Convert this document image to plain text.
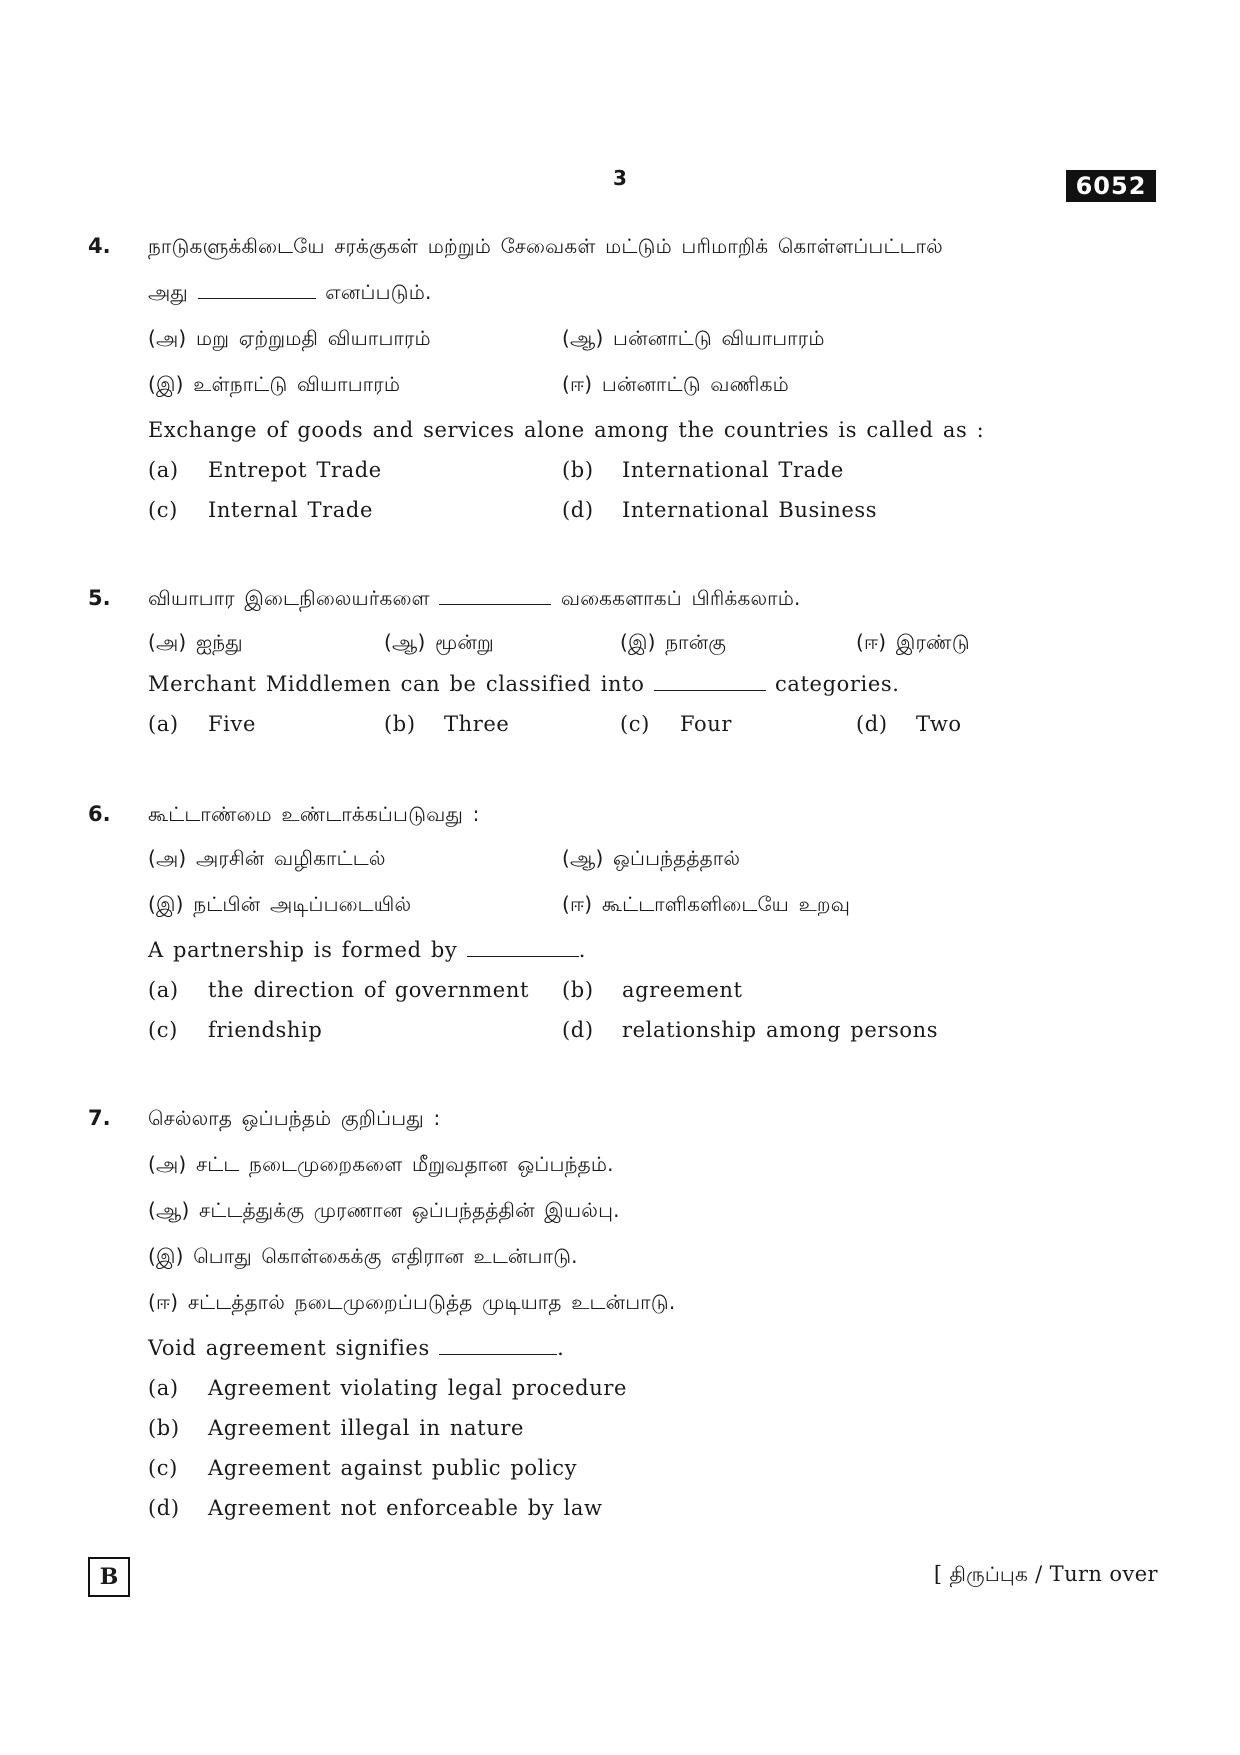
3	6052
4. நாடுகளுக்கிடையே சரக்குகள் மற்றும் சேவைகள் மட்டும் பரிமாறிக் கொள்ளப்பட்டால்
அது	எனப்படும்.
(அ) மறு ஏற்றுமதி வியாபாரம்	(ஆ) பன்னாட்டு வியாபாரம்
(இ) உள்நாட்டு வியாபாரம்	(ஈ) பன்னாட்டு வணிகம்
Exchange of goods and services alone among the countries is called as :
(a) Entrepot Trade	(b) International Trade
(c) Internal Trade	(d) International Business
5. வியாபார இடைநிலையர்களை	வகைகளாகப் பிரிக்கலாம்.
(அ) ஐந்து	(ஆ) மூன்று	(இ) நான்கு	(ஈ) இரண்டு
Merchant Middlemen can be classified into	categories.
(a) Five	(b) Three	(c) Four	(d) Two
6. கூட்டாண்மை உண்டாக்கப்படுவது :
(அ) அரசின் வழிகாட்டல்	(ஆ) ஒப்பந்தத்தால்
(இ) நட்பின் அடிப்படையில்	(ஈ) கூட்டாளிகளிடையே உறவு
A partnership is formed by	.
(a) the direction of government (b) agreement
(c) friendship	(d) relationship among persons
7. செல்லாத ஒப்பந்தம் குறிப்பது :
(அ) சட்ட நடைமுறைகளை மீறுவதான ஒப்பந்தம்.
(ஆ) சட்டத்துக்கு முரணான ஒப்பந்தத்தின் இயல்பு.
(இ) பொது கொள்கைக்கு எதிரான உடன்பாடு.
(ஈ) சட்டத்தால் நடைமுறைப்படுத்த முடியாத உடன்பாடு.
Void agreement signifies	.
(a) Agreement violating legal procedure
(b) Agreement illegal in nature
(c) Agreement against public policy
(d) Agreement not enforceable by law
B	[ திருப்புக / Turn over
